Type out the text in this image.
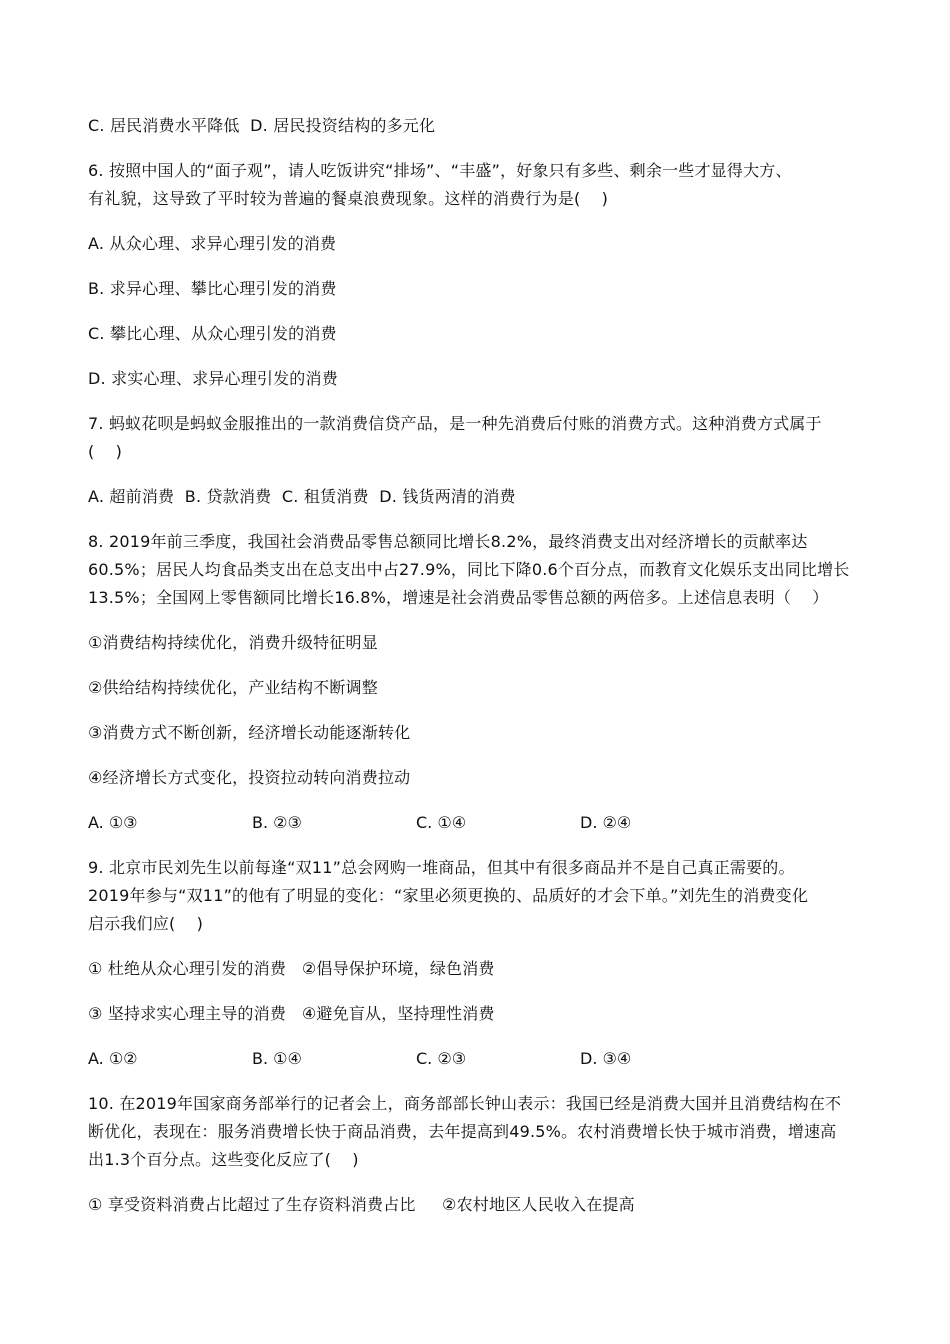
C. 居民消费水平降低  D. 居民投资结构的多元化
6. 按照中国人的“面子观”，请人吃饭讲究“排场”、“丰盛”，好象只有多些、剩余一些才显得大方、
有礼貌，这导致了平时较为普遍的餐桌浪费现象。这样的消费行为是(    )
A. 从众心理、求异心理引发的消费
B. 求异心理、攀比心理引发的消费
C. 攀比心理、从众心理引发的消费
D. 求实心理、求异心理引发的消费
7. 蚂蚁花呗是蚂蚁金服推出的一款消费信贷产品，是一种先消费后付账的消费方式。这种消费方式属于
(    )
A. 超前消费  B. 贷款消费  C. 租赁消费  D. 钱货两清的消费
8. 2019年前三季度，我国社会消费品零售总额同比增长8.2%，最终消费支出对经济增长的贡献率达
60.5%；居民人均食品类支出在总支出中占27.9%，同比下降0.6个百分点，而教育文化娱乐支出同比增长
13.5%；全国网上零售额同比增长16.8%，增速是社会消费品零售总额的两倍多。上述信息表明（    ）
①消费结构持续优化，消费升级特征明显
②供给结构持续优化，产业结构不断调整
③消费方式不断创新，经济增长动能逐渐转化
④经济增长方式变化，投资拉动转向消费拉动
A. ①③	B. ②③	C. ①④	D. ②④
9. 北京市民刘先生以前每逢“双11”总会网购一堆商品，但其中有很多商品并不是自己真正需要的。
2019年参与“双11”的他有了明显的变化：“家里必须更换的、品质好的才会下单。”刘先生的消费变化
启示我们应(    )
① 杜绝从众心理引发的消费   ②倡导保护环境，绿色消费
③ 坚持求实心理主导的消费   ④避免盲从，坚持理性消费
A. ①②	B. ①④	C. ②③	D. ③④
10. 在2019年国家商务部举行的记者会上，商务部部长钟山表示：我国已经是消费大国并且消费结构在不
断优化，表现在：服务消费增长快于商品消费，去年提高到49.5%。农村消费增长快于城市消费，增速高
出1.3个百分点。这些变化反应了(    )
① 享受资料消费占比超过了生存资料消费占比     ②农村地区人民收入在提高
